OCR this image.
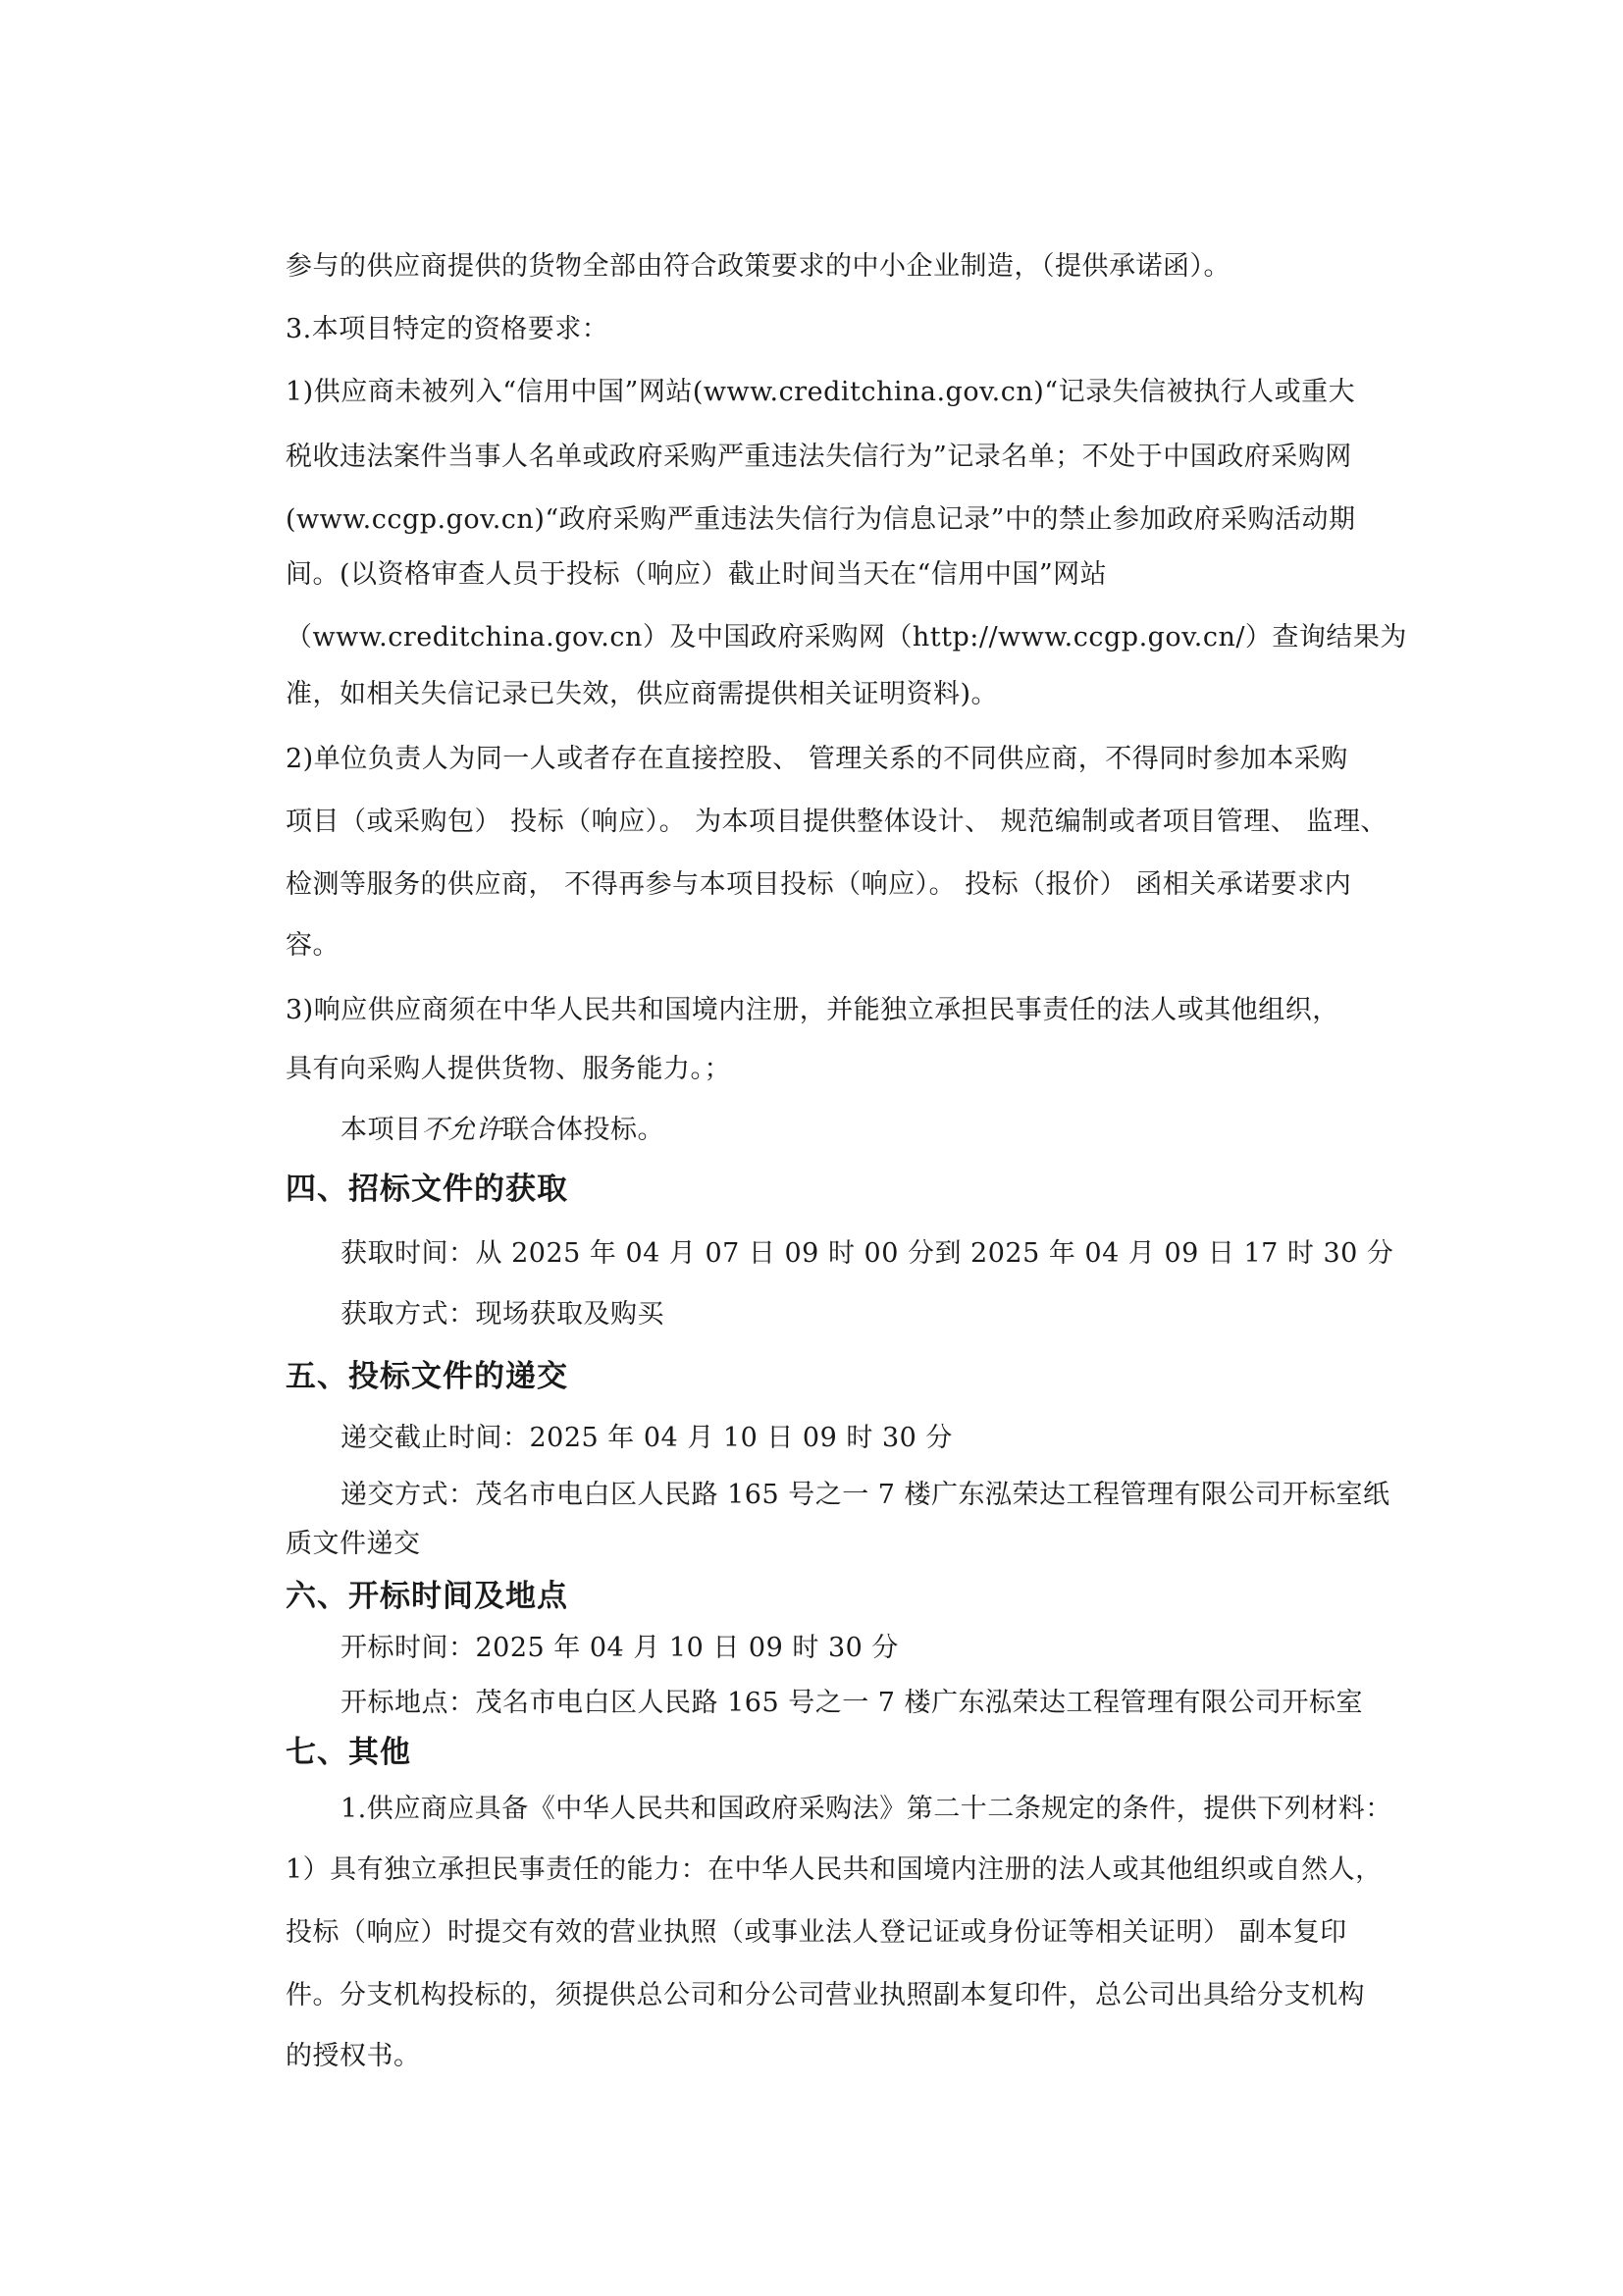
参与的供应商提供的货物全部由符合政策要求的中小企业制造，（提供承诺函）。
3.本项目特定的资格要求：
1)供应商未被列入“信用中国”网站(www.creditchina.gov.cn)“记录失信被执行人或重大
税收违法案件当事人名单或政府采购严重违法失信行为”记录名单；不处于中国政府采购网
(www.ccgp.gov.cn)“政府采购严重违法失信行为信息记录”中的禁止参加政府采购活动期
间。(以资格审查人员于投标（响应）截止时间当天在“信用中国”网站
（www.creditchina.gov.cn）及中国政府采购网（http://www.ccgp.gov.cn/）查询结果为
准，如相关失信记录已失效，供应商需提供相关证明资料)。
2)单位负责人为同一人或者存在直接控股、 管理关系的不同供应商，不得同时参加本采购
项目（或采购包） 投标（响应）。 为本项目提供整体设计、 规范编制或者项目管理、 监理、
检测等服务的供应商， 不得再参与本项目投标（响应）。 投标（报价） 函相关承诺要求内
容。
3)响应供应商须在中华人民共和国境内注册，并能独立承担民事责任的法人或其他组织，
具有向采购人提供货物、服务能力。；
本项目不允许联合体投标。
四、招标文件的获取
获取时间：从 2025 年 04 月 07 日 09 时 00 分到 2025 年 04 月 09 日 17 时 30 分
获取方式：现场获取及购买
五、投标文件的递交
递交截止时间：2025 年 04 月 10 日 09 时 30 分
递交方式：茂名市电白区人民路 165 号之一 7 楼广东泓荣达工程管理有限公司开标室纸
质文件递交
六、开标时间及地点
开标时间：2025 年 04 月 10 日 09 时 30 分
开标地点：茂名市电白区人民路 165 号之一 7 楼广东泓荣达工程管理有限公司开标室
七、其他
1.供应商应具备《中华人民共和国政府采购法》第二十二条规定的条件，提供下列材料：
1）具有独立承担民事责任的能力：在中华人民共和国境内注册的法人或其他组织或自然人，
投标（响应）时提交有效的营业执照（或事业法人登记证或身份证等相关证明） 副本复印
件。分支机构投标的，须提供总公司和分公司营业执照副本复印件，总公司出具给分支机构
的授权书。
